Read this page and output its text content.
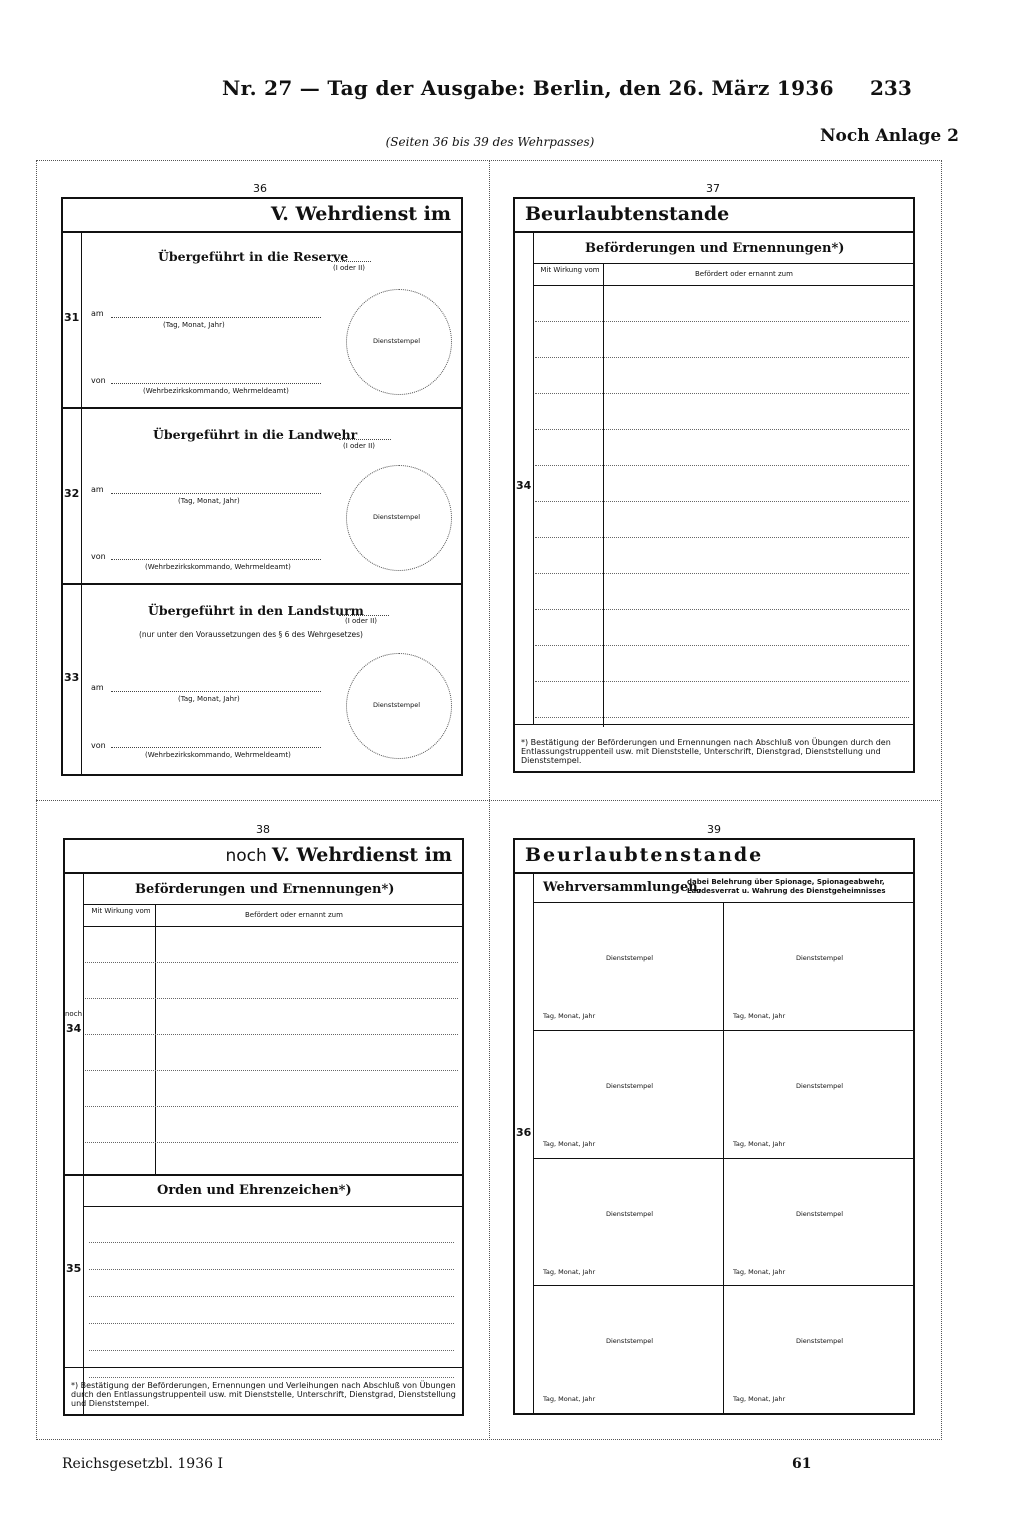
Nr. 27 — Tag der Ausgabe: Berlin, den 26. März 1936 233
(Seiten 36 bis 39 des Wehrpasses)	Noch Anlage 2
36
V. Wehrdienst im
31
Übergeführt in die Reserve
(I oder II)
am
(Tag, Monat, Jahr)
von
(Wehrbezirkskommando, Wehrmeldeamt)
Dienststempel
32
Übergeführt in die Landwehr
(I oder II)
am
(Tag, Monat, Jahr)
von
(Wehrbezirkskommando, Wehrmeldeamt)
Dienststempel
33
Übergeführt in den Landsturm
(I oder II)
(nur unter den Voraussetzungen des § 6 des Wehrgesetzes)
am
(Tag, Monat, Jahr)
von
(Wehrbezirkskommando, Wehrmeldeamt)
Dienststempel
37
Beurlaubtenstande
34
Beförderungen und Ernennungen*)
Mit Wirkung vom	Befördert oder ernannt zum
*) Bestätigung der Beförderungen und Ernennungen nach Abschluß von Übungen durch den Entlassungstruppenteil usw. mit Dienststelle, Unterschrift, Dienstgrad, Dienststellung und Dienststempel.
38
noch V. Wehrdienst im
noch
34
Beförderungen und Ernennungen*)
Mit Wirkung vom	Befördert oder ernannt zum
Orden und Ehrenzeichen*)
35
*) Bestätigung der Beförderungen, Ernennungen und Verleihungen nach Abschluß von Übungen durch den Entlassungstruppenteil usw. mit Dienststelle, Unterschrift, Dienstgrad, Dienststellung und Dienststempel.
39
Beurlaubtenstande
36
Wehrversammlungen,
dabei Belehrung über Spionage, Spionageabwehr, Landesverrat u. Wahrung des Dienstgeheimnisses
Dienststempel
Tag, Monat, Jahr
Dienststempel
Tag, Monat, Jahr
Dienststempel
Tag, Monat, Jahr
Dienststempel
Tag, Monat, Jahr
Dienststempel
Tag, Monat, Jahr
Dienststempel
Tag, Monat, Jahr
Dienststempel
Tag, Monat, Jahr
Dienststempel
Tag, Monat, Jahr
Reichsgesetzbl. 1936 I	61
